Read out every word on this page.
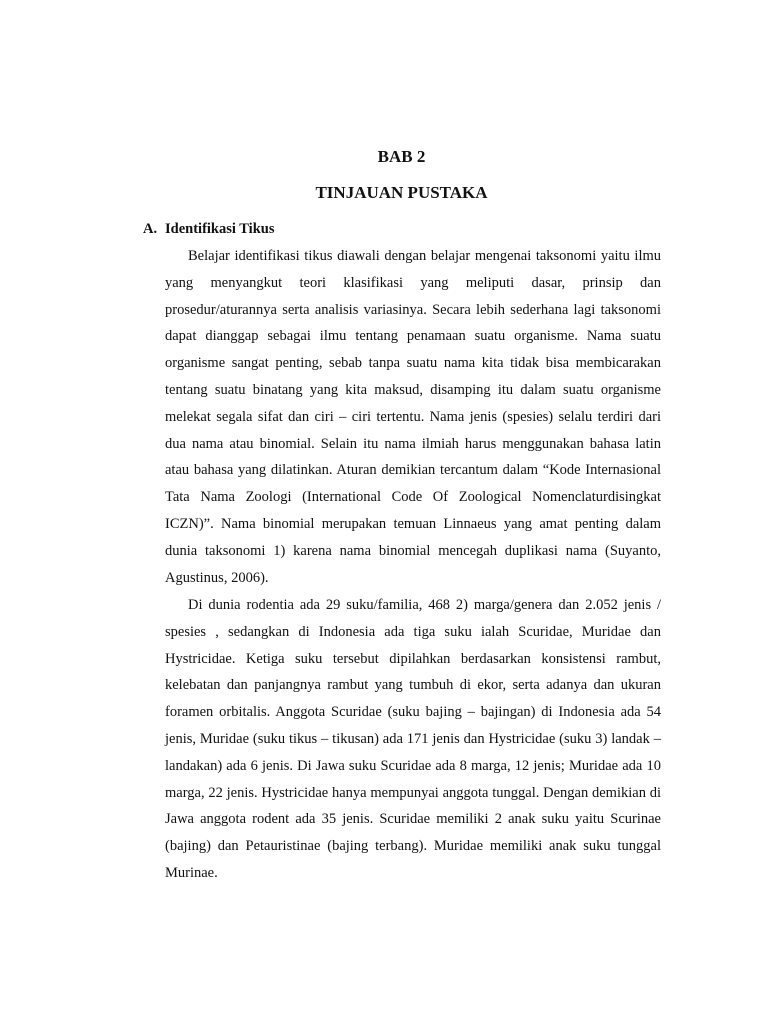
BAB 2
TINJAUAN PUSTAKA
A. Identifikasi Tikus

Belajar identifikasi tikus diawali dengan belajar mengenai taksonomi yaitu ilmu yang menyangkut teori klasifikasi yang meliputi dasar, prinsip dan prosedur/aturannya serta analisis variasinya. Secara lebih sederhana lagi taksonomi dapat dianggap sebagai ilmu tentang penamaan suatu organisme. Nama suatu organisme sangat penting, sebab tanpa suatu nama kita tidak bisa membicarakan tentang suatu binatang yang kita maksud, disamping itu dalam suatu organisme melekat segala sifat dan ciri – ciri tertentu. Nama jenis (spesies) selalu terdiri dari dua nama atau binomial. Selain itu nama ilmiah harus menggunakan bahasa latin atau bahasa yang dilatinkan. Aturan demikian tercantum dalam “Kode Internasional Tata Nama Zoologi (International Code Of Zoological Nomenclaturdisingkat ICZN)”. Nama binomial merupakan temuan Linnaeus yang amat penting dalam dunia taksonomi 1) karena nama binomial mencegah duplikasi nama (Suyanto, Agustinus, 2006).

Di dunia rodentia ada 29 suku/familia, 468 2) marga/genera dan 2.052 jenis / spesies , sedangkan di Indonesia ada tiga suku ialah Scuridae, Muridae dan Hystricidae. Ketiga suku tersebut dipilahkan berdasarkan konsistensi rambut, kelebatan dan panjangnya rambut yang tumbuh di ekor, serta adanya dan ukuran foramen orbitalis. Anggota Scuridae (suku bajing – bajingan) di Indonesia ada 54 jenis, Muridae (suku tikus – tikusan) ada 171 jenis dan Hystricidae (suku 3) landak – landakan) ada 6 jenis. Di Jawa suku Scuridae ada 8 marga, 12 jenis; Muridae ada 10 marga, 22 jenis. Hystricidae hanya mempunyai anggota tunggal. Dengan demikian di Jawa anggota rodent ada 35 jenis. Scuridae memiliki 2 anak suku yaitu Scurinae (bajing) dan Petauristinae (bajing terbang). Muridae memiliki anak suku tunggal Murinae.
